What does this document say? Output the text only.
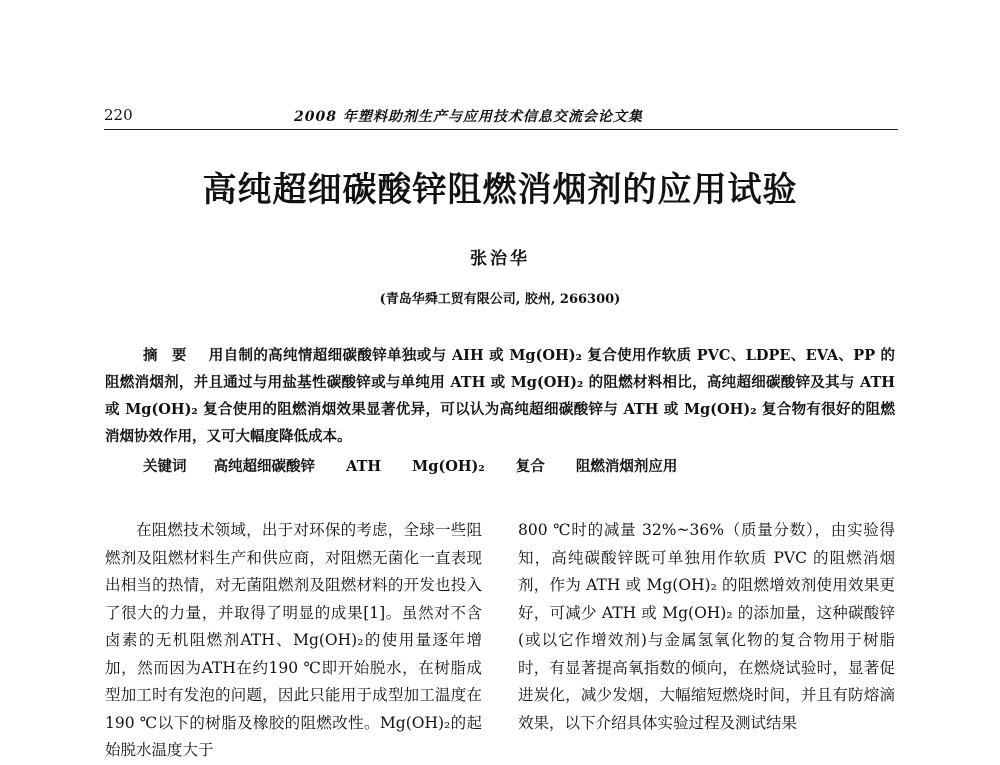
220	2008 年塑料助剂生产与应用技术信息交流会论文集
高纯超细碳酸锌阻燃消烟剂的应用试验
张治华
(青岛华舜工贸有限公司, 胶州, 266300)
摘要 用自制的高纯情超细碳酸锌单独或与 AIH 或 Mg(OH)₂ 复合使用作软质 PVC、LDPE、EVA、PP 的阻燃消烟剂，并且通过与用盐基性碳酸锌或与单纯用 ATH 或 Mg(OH)₂ 的阻燃材料相比，高纯超细碳酸锌及其与 ATH 或 Mg(OH)₂ 复合使用的阻燃消烟效果显著优异，可以认为高纯超细碳酸锌与 ATH 或 Mg(OH)₂ 复合物有很好的阻燃消烟协效作用，又可大幅度降低成本。
关键词 高纯超细碳酸锌 ATH Mg(OH)₂ 复合 阻燃消烟剂应用
在阻燃技术领域，出于对环保的考虑，全球一些阻燃剂及阻燃材料生产和供应商，对阻燃无菌化一直表现出相当的热情，对无菌阻燃剂及阻燃材料的开发也投入了很大的力量，并取得了明显的成果[1]。虽然对不含卤素的无机阻燃剂ATH、Mg(OH)₂的使用量逐年增加，然而因为ATH在约190 ℃即开始脱水，在树脂成型加工时有发泡的问题，因此只能用于成型加工温度在190 ℃以下的树脂及橡胶的阻燃改性。Mg(OH)₂的起始脱水温度大于
800 ℃时的减量 32%~36%（质量分数），由实验得知，高纯碳酸锌既可单独用作软质 PVC 的阻燃消烟剂，作为 ATH 或 Mg(OH)₂ 的阻燃增效剂使用效果更好，可减少 ATH 或 Mg(OH)₂ 的添加量，这种碳酸锌(或以它作增效剂)与金属氢氧化物的复合物用于树脂时，有显著提高氧指数的倾向，在燃烧试验时，显著促进炭化，减少发烟，大幅缩短燃烧时间，并且有防熔滴效果，以下介绍具体实验过程及测试结果
